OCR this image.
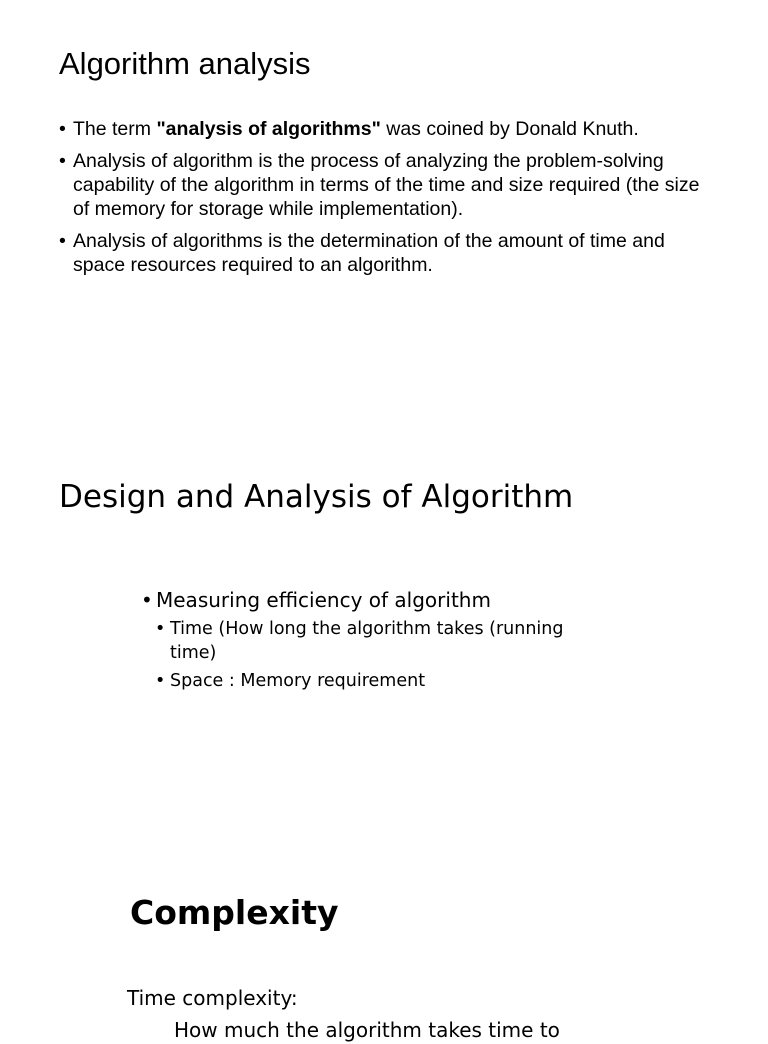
Algorithm analysis
• The term "analysis of algorithms" was coined by Donald Knuth.
• Analysis of algorithm is the process of analyzing the problem-solving capability of the algorithm in terms of the time and size required (the size of memory for storage while implementation).
• Analysis of algorithms is the determination of the amount of time and space resources required to an algorithm.
Design and Analysis of Algorithm
• Measuring efficiency of algorithm
• Time (How long the algorithm takes (running time)
• Space : Memory requirement
Complexity

Time complexity:

How much the algorithm takes time to
